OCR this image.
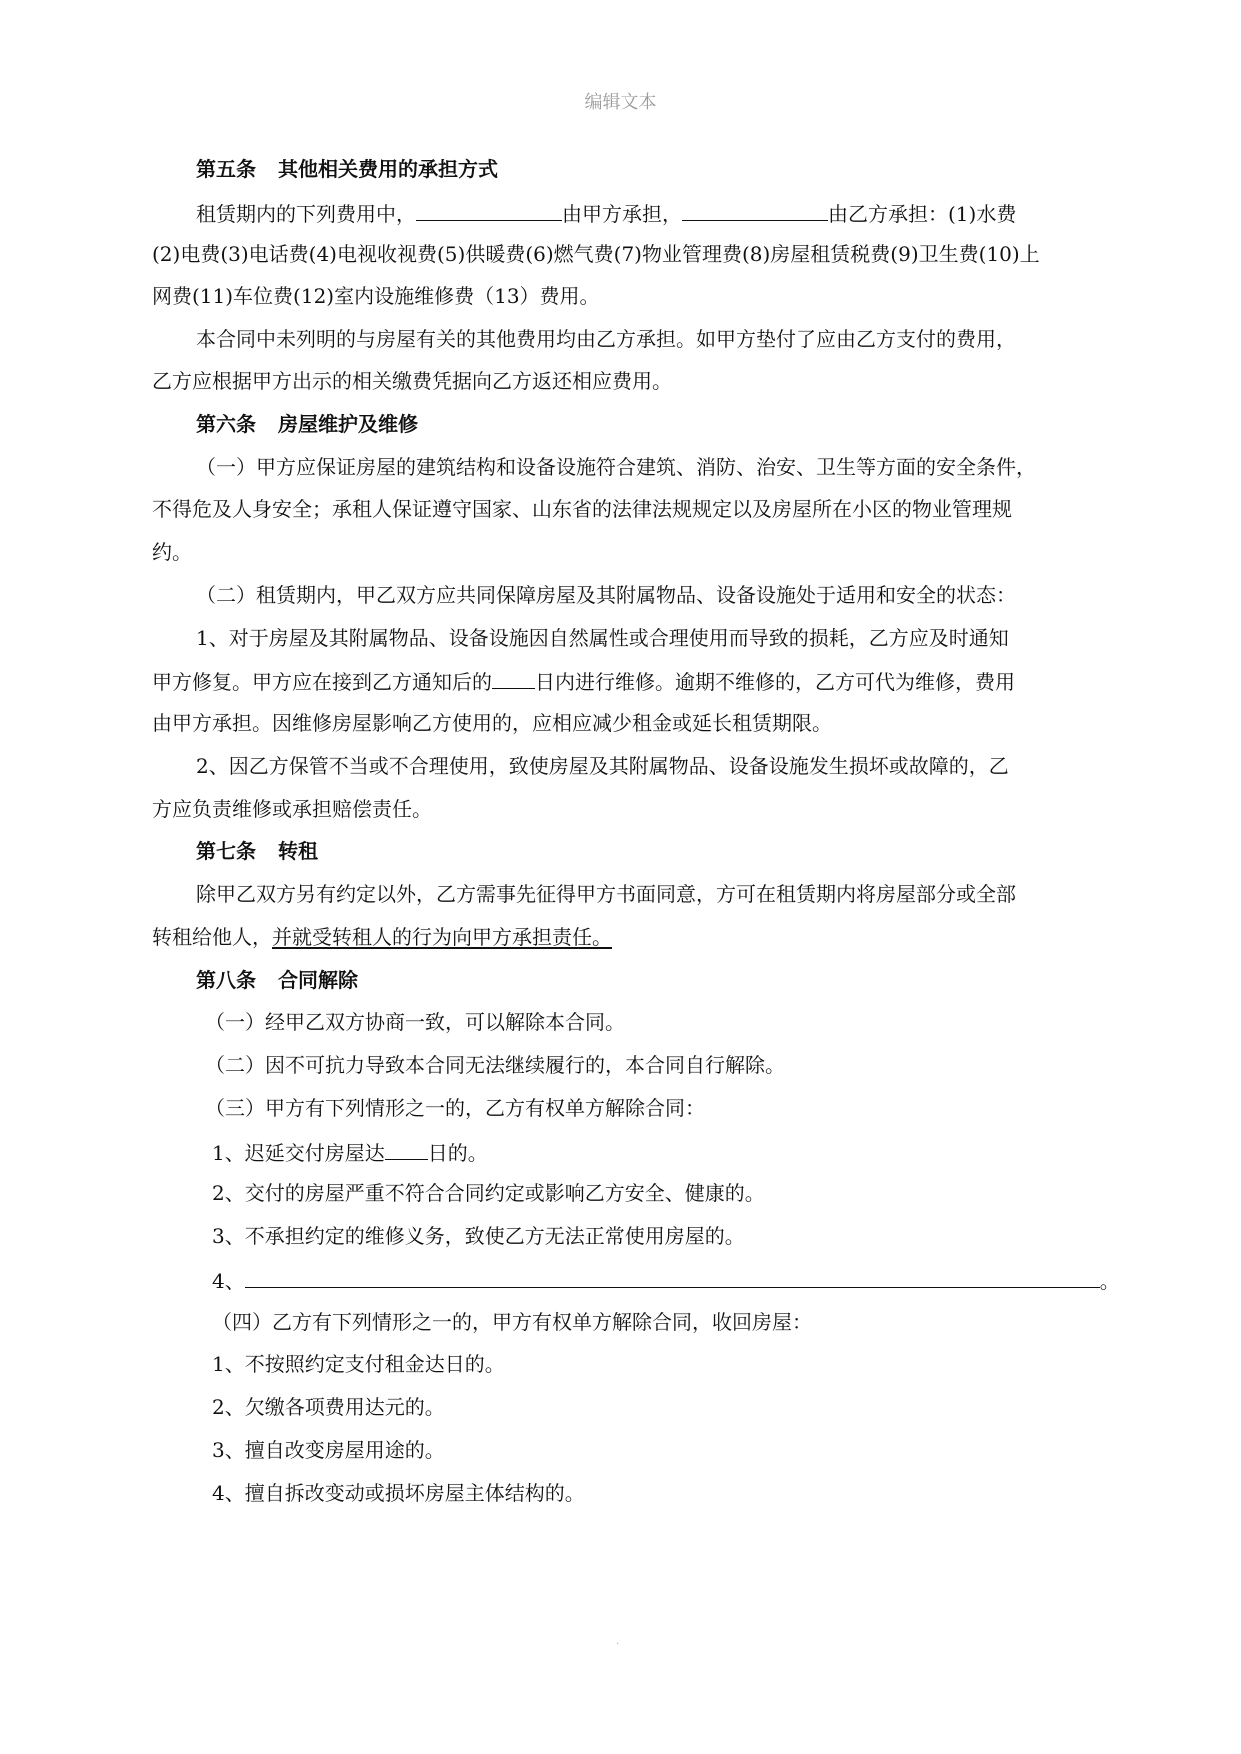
编辑文本
第五条 其他相关费用的承担方式
租赁期内的下列费用中，	由甲方承担，	由乙方承担：(1)水费
(2)电费(3)电话费(4)电视收视费(5)供暖费(6)燃气费(7)物业管理费(8)房屋租赁税费(9)卫生费(10)上
网费(11)车位费(12)室内设施维修费（13）费用。
本合同中未列明的与房屋有关的其他费用均由乙方承担。如甲方垫付了应由乙方支付的费用，
乙方应根据甲方出示的相关缴费凭据向乙方返还相应费用。
第六条 房屋维护及维修
（一）甲方应保证房屋的建筑结构和设备设施符合建筑、消防、治安、卫生等方面的安全条件，
不得危及人身安全；承租人保证遵守国家、山东省的法律法规规定以及房屋所在小区的物业管理规
约。
（二）租赁期内，甲乙双方应共同保障房屋及其附属物品、设备设施处于适用和安全的状态：
1、对于房屋及其附属物品、设备设施因自然属性或合理使用而导致的损耗，乙方应及时通知
甲方修复。甲方应在接到乙方通知后的 日内进行维修。逾期不维修的，乙方可代为维修，费用
由甲方承担。因维修房屋影响乙方使用的，应相应减少租金或延长租赁期限。
2、因乙方保管不当或不合理使用，致使房屋及其附属物品、设备设施发生损坏或故障的，乙
方应负责维修或承担赔偿责任。
第七条 转租
除甲乙双方另有约定以外，乙方需事先征得甲方书面同意，方可在租赁期内将房屋部分或全部
转租给他人，并就受转租人的行为向甲方承担责任。
第八条 合同解除
（一）经甲乙双方协商一致，可以解除本合同。
（二）因不可抗力导致本合同无法继续履行的，本合同自行解除。
（三）甲方有下列情形之一的，乙方有权单方解除合同：
1、迟延交付房屋达 日的。
2、交付的房屋严重不符合合同约定或影响乙方安全、健康的。
3、不承担约定的维修义务，致使乙方无法正常使用房屋的。
4、	。
（四）乙方有下列情形之一的，甲方有权单方解除合同，收回房屋：
1、不按照约定支付租金达日的。
2、欠缴各项费用达元的。
3、擅自改变房屋用途的。
4、擅自拆改变动或损坏房屋主体结构的。
.
